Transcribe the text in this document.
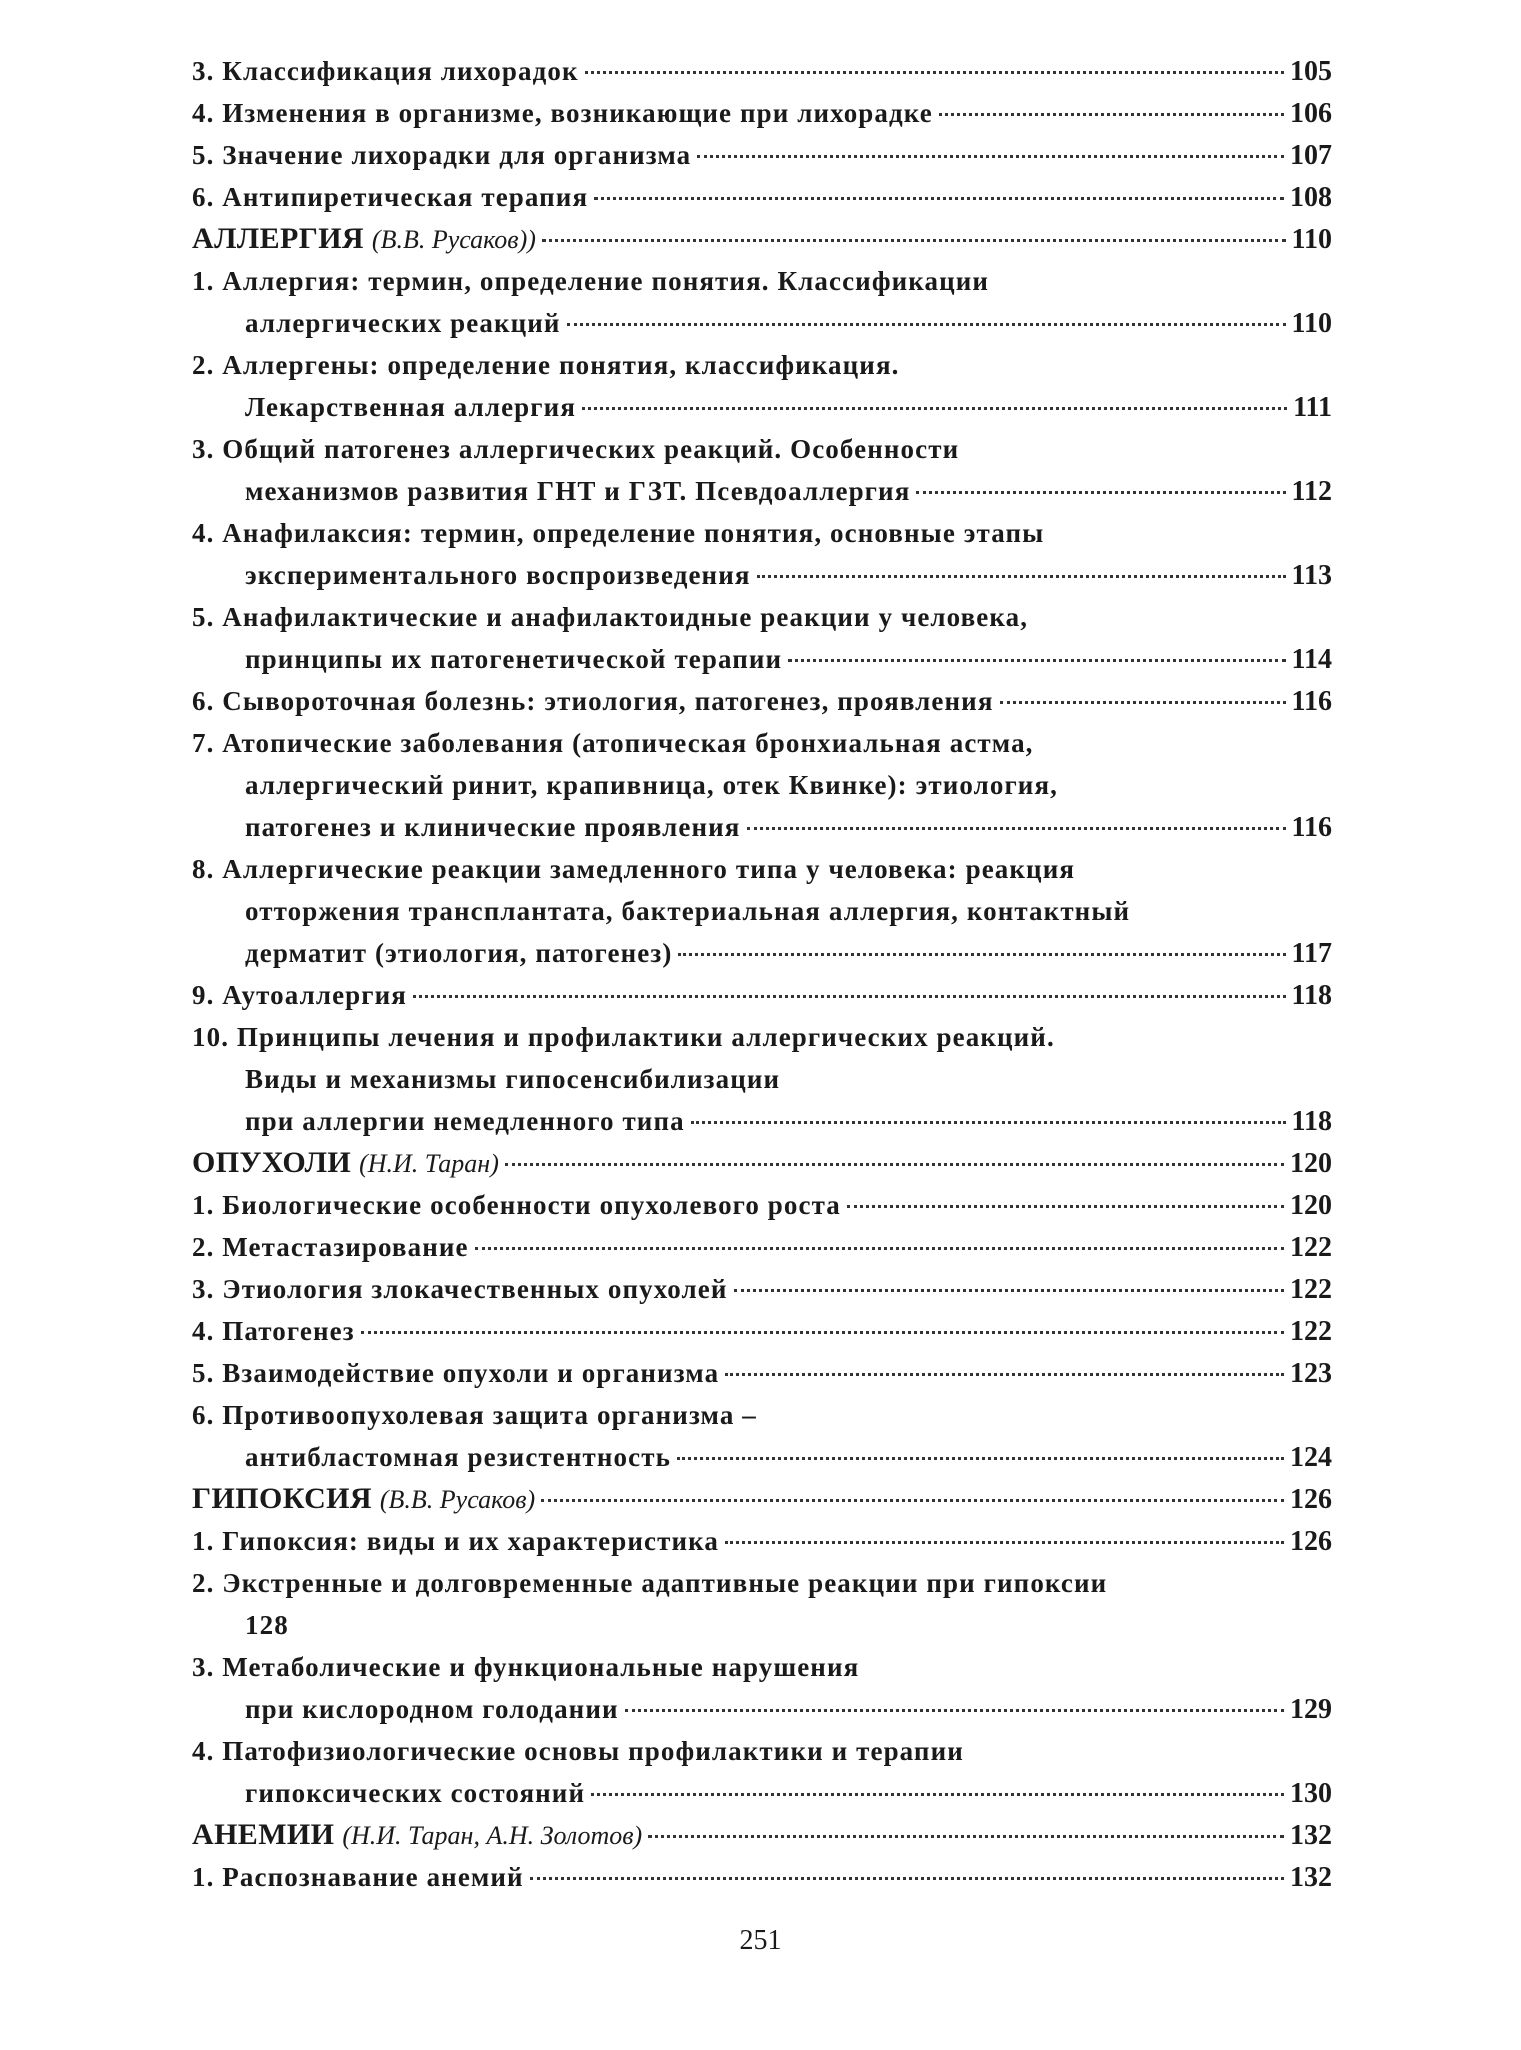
3. Классификация лихорадок	105
4. Изменения в организме, возникающие при лихорадке	106
5. Значение лихорадки для организма	107
6. Антипиретическая терапия	108
АЛЛЕРГИЯ (В.В. Русаков))	110
1. Аллергия: термин, определение понятия. Классификации
аллергических реакций	110
2. Аллергены: определение понятия, классификация.
Лекарственная аллергия	111
3. Общий патогенез аллергических реакций. Особенности
механизмов развития ГНТ и ГЗТ. Псевдоаллергия	112
4. Анафилаксия: термин, определение понятия, основные этапы
экспериментального воспроизведения	113
5. Анафилактические и анафилактоидные реакции у человека,
принципы их патогенетической терапии	114
6. Сывороточная болезнь: этиология, патогенез, проявления	116
7. Атопические заболевания (атопическая бронхиальная астма,
аллергический ринит, крапивница, отек Квинке): этиология,
патогенез и клинические проявления	116
8. Аллергические реакции замедленного типа у человека: реакция
отторжения трансплантата, бактериальная аллергия, контактный
дерматит (этиология, патогенез)	117
9. Аутоаллергия	118
10. Принципы лечения и профилактики аллергических реакций.
Виды и механизмы гипосенсибилизации
при аллергии немедленного типа	118
ОПУХОЛИ (Н.И. Таран)	120
1. Биологические особенности опухолевого роста	120
2. Метастазирование	122
3. Этиология злокачественных опухолей	122
4. Патогенез	122
5. Взаимодействие опухоли и организма	123
6. Противоопухолевая защита организма –
антибластомная резистентность	124
ГИПОКСИЯ (В.В. Русаков)	126
1. Гипоксия: виды и их характеристика	126
2. Экстренные и долговременные адаптивные реакции при гипоксии
128
3. Метаболические и функциональные нарушения
при кислородном голодании	129
4. Патофизиологические основы профилактики и терапии
гипоксических состояний	130
АНЕМИИ (Н.И. Таран, А.Н. Золотов)	132
1. Распознавание анемий	132
251
